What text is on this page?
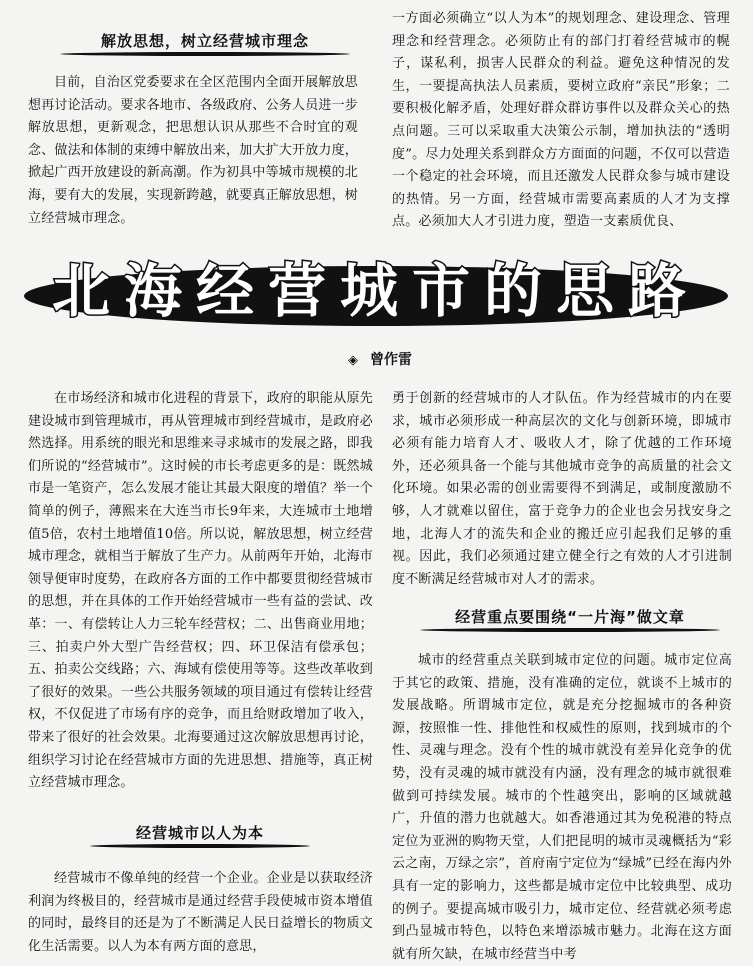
解放思想，树立经营城市理念

目前，自治区党委要求在全区范围内全面开展解放思想再讨论活动。要求各地市、各级政府、公务人员进一步解放思想，更新观念，把思想认识从那些不合时宜的观念、做法和体制的束缚中解放出来，加大扩大开放力度，掀起广西开放建设的新高潮。作为初具中等城市规模的北海，要有大的发展，实现新跨越，就要真正解放思想，树立经营城市理念。

一方面必须确立“以人为本”的规划理念、建设理念、管理理念和经营理念。必须防止有的部门打着经营城市的幌子，谋私利，损害人民群众的利益。避免这种情况的发生，一要提高执法人员素质，要树立政府“亲民”形象；二要积极化解矛盾，处理好群众群访事件以及群众关心的热点问题。三可以采取重大决策公示制，增加执法的“透明度”。尽力处理关系到群众方方面面的问题，不仅可以营造一个稳定的社会环境，而且还激发人民群众参与城市建设的热情。另一方面，经营城市需要高素质的人才为支撑点。必须加大人才引进力度，塑造一支素质优良、

北海经营城市的思路
◈ 曾作雷

在市场经济和城市化进程的背景下，政府的职能从原先建设城市到管理城市，再从管理城市到经营城市，是政府必然选择。用系统的眼光和思维来寻求城市的发展之路，即我们所说的“经营城市”。这时候的市长考虑更多的是：既然城市是一笔资产，怎么发展才能让其最大限度的增值？举一个简单的例子，薄熙来在大连当市长9年来，大连城市土地增值5倍，农村土地增值10倍。所以说，解放思想，树立经营城市理念，就相当于解放了生产力。从前两年开始，北海市领导便审时度势，在政府各方面的工作中都要贯彻经营城市的思想，并在具体的工作开始经营城市一些有益的尝试、改革：一、有偿转让人力三轮车经营权；二、出售商业用地；三、拍卖户外大型广告经营权；四、环卫保洁有偿承包；五、拍卖公交线路；六、海域有偿使用等等。这些改革收到了很好的效果。一些公共服务领域的项目通过有偿转让经营权，不仅促进了市场有序的竞争，而且给财政增加了收入，带来了很好的社会效果。北海要通过这次解放思想再讨论，组织学习讨论在经营城市方面的先进思想、措施等，真正树立经营城市理念。

经营城市以人为本

经营城市不像单纯的经营一个企业。企业是以获取经济利润为终极目的，经营城市是通过经营手段使城市资本增值的同时，最终目的还是为了不断满足人民日益增长的物质文化生活需要。以人为本有两方面的意思，

勇于创新的经营城市的人才队伍。作为经营城市的内在要求，城市必须形成一种高层次的文化与创新环境，即城市必须有能力培育人才、吸收人才，除了优越的工作环境外，还必须具备一个能与其他城市竞争的高质量的社会文化环境。如果必需的创业需要得不到满足，或制度激励不够，人才就难以留住，富于竞争力的企业也会另找安身之地，北海人才的流失和企业的搬迁应引起我们足够的重视。因此，我们必须通过建立健全行之有效的人才引进制度不断满足经营城市对人才的需求。

经营重点要围绕“一片海”做文章

城市的经营重点关联到城市定位的问题。城市定位高于其它的政策、措施，没有准确的定位，就谈不上城市的发展战略。所谓城市定位，就是充分挖掘城市的各种资源，按照惟一性、排他性和权威性的原则，找到城市的个性、灵魂与理念。没有个性的城市就没有差异化竞争的优势，没有灵魂的城市就没有内涵，没有理念的城市就很难做到可持续发展。城市的个性越突出，影响的区域就越广，升值的潜力也就越大。如香港通过其为免税港的特点定位为亚洲的购物天堂，人们把昆明的城市灵魂概括为“彩云之南，万绿之宗”，首府南宁定位为“绿城”已经在海内外具有一定的影响力，这些都是城市定位中比较典型、成功的例子。要提高城市吸引力，城市定位、经营就必须考虑到凸显城市特色，以特色来增添城市魅力。北海在这方面就有所欠缺，在城市经营当中考
